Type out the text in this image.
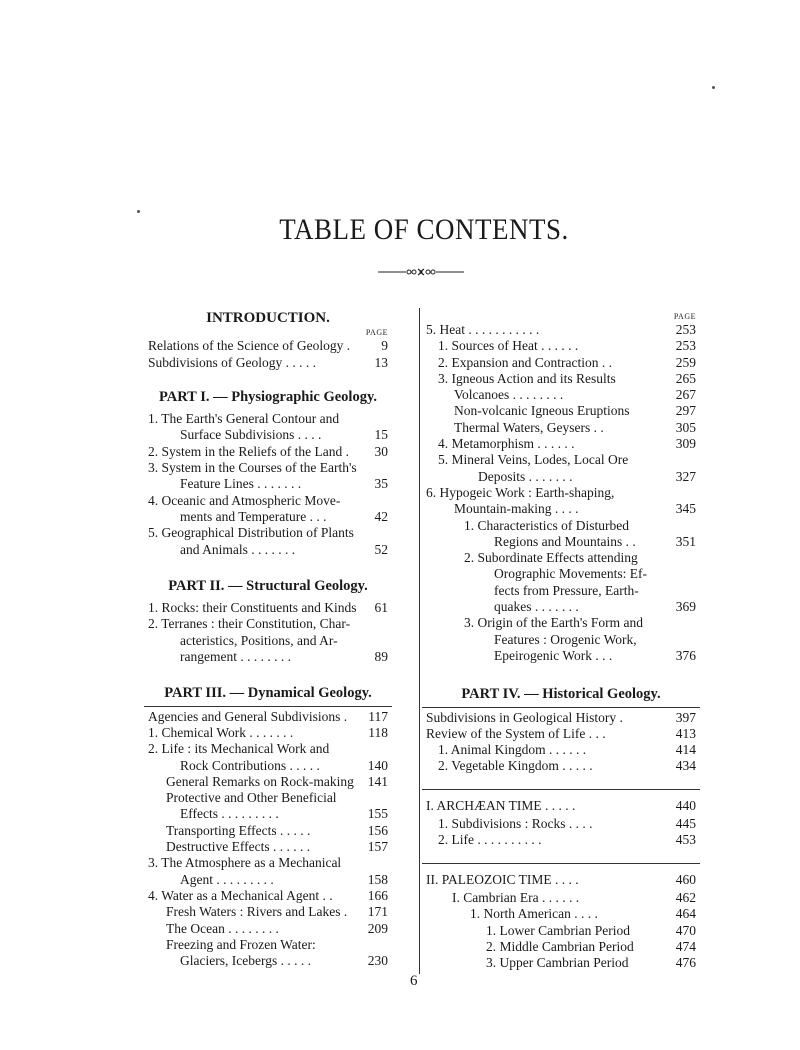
TABLE OF CONTENTS.
INTRODUCTION.
PAGE
Relations of the Science of Geology .	9
Subdivisions of Geology . . . . .	13
PART I. — Physiographic Geology.
1. The Earth's General Contour and
Surface Subdivisions . . . .	15
2. System in the Reliefs of the Land .	30
3. System in the Courses of the Earth's
Feature Lines . . . . . . .	35
4. Oceanic and Atmospheric Move-
ments and Temperature . . .	42
5. Geographical Distribution of Plants
and Animals . . . . . . .	52
PART II. — Structural Geology.
1. Rocks: their Constituents and Kinds	61
2. Terranes : their Constitution, Char-
acteristics, Positions, and Ar-
rangement . . . . . . . .	89
PART III. — Dynamical Geology.
Agencies and General Subdivisions .	117
1. Chemical Work . . . . . . .	118
2. Life : its Mechanical Work and
Rock Contributions . . . . .	140
General Remarks on Rock-making	141
Protective and Other Beneficial
Effects . . . . . . . . .	155
Transporting Effects . . . . .	156
Destructive Effects . . . . . .	157
3. The Atmosphere as a Mechanical
Agent . . . . . . . . .	158
4. Water as a Mechanical Agent . .	166
Fresh Waters : Rivers and Lakes .	171
The Ocean . . . . . . . .	209
Freezing and Frozen Water:
Glaciers, Icebergs . . . . .	230
PAGE
5. Heat . . . . . . . . . . .	253
1. Sources of Heat . . . . . .	253
2. Expansion and Contraction . .	259
3. Igneous Action and its Results	265
Volcanoes . . . . . . . .	267
Non-volcanic Igneous Eruptions	297
Thermal Waters, Geysers . .	305
4. Metamorphism . . . . . .	309
5. Mineral Veins, Lodes, Local Ore
Deposits . . . . . . .	327
6. Hypogeic Work : Earth-shaping,
Mountain-making . . . .	345
1. Characteristics of Disturbed
Regions and Mountains . .	351
2. Subordinate Effects attending
Orographic Movements: Ef-
fects from Pressure, Earth-
quakes . . . . . . .	369
3. Origin of the Earth's Form and
Features : Orogenic Work,
Epeirogenic Work . . .	376
PART IV. — Historical Geology.
Subdivisions in Geological History .	397
Review of the System of Life . . .	413
1. Animal Kingdom . . . . . .	414
2. Vegetable Kingdom . . . . .	434
I. ARCHÆAN TIME . . . . .	440
1. Subdivisions : Rocks . . . .	445
2. Life . . . . . . . . . .	453
II. PALEOZOIC TIME . . . .	460
I. Cambrian Era . . . . . .	462
1. North American . . . .	464
1. Lower Cambrian Period	470
2. Middle Cambrian Period	474
3. Upper Cambrian Period	476
6
